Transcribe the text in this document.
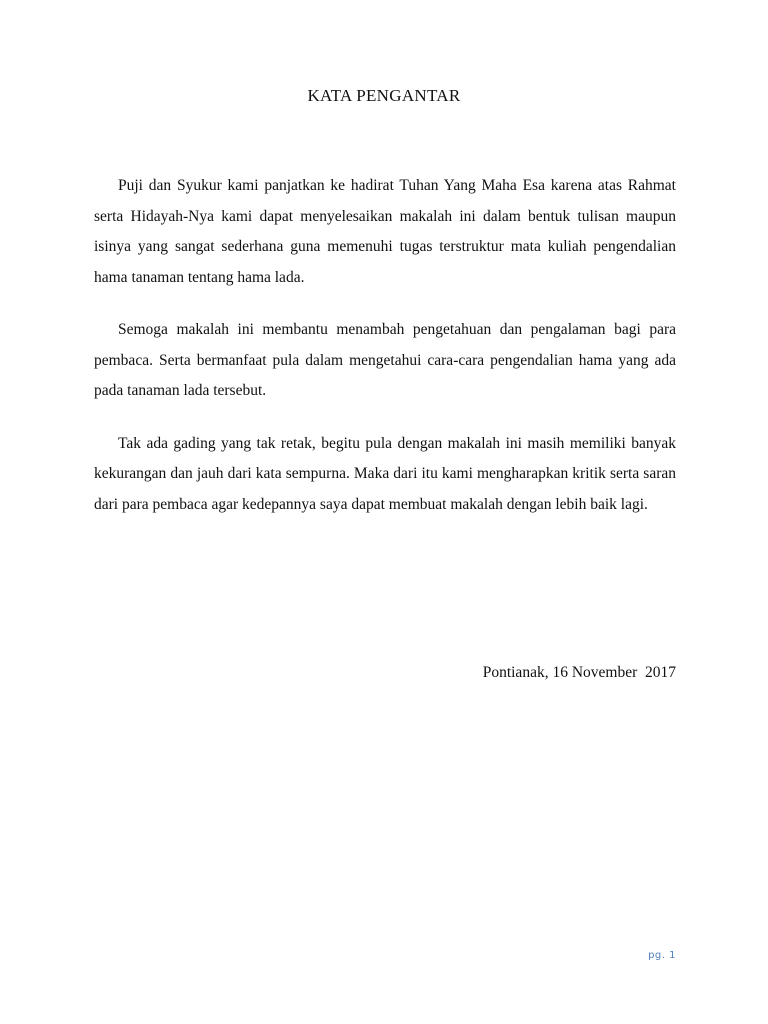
KATA PENGANTAR

Puji dan Syukur kami panjatkan ke hadirat Tuhan Yang Maha Esa karena atas Rahmat serta Hidayah-Nya kami dapat menyelesaikan makalah ini dalam bentuk tulisan maupun isinya yang sangat sederhana guna memenuhi tugas terstruktur mata kuliah pengendalian hama tanaman tentang hama lada.

Semoga makalah ini membantu menambah pengetahuan dan pengalaman bagi para pembaca. Serta bermanfaat pula dalam mengetahui cara-cara pengendalian hama yang ada pada tanaman lada tersebut.

Tak ada gading yang tak retak, begitu pula dengan makalah ini masih memiliki banyak kekurangan dan jauh dari kata sempurna. Maka dari itu kami mengharapkan kritik serta saran dari para pembaca agar kedepannya saya dapat membuat makalah dengan lebih baik lagi.

Pontianak, 16 November  2017
pg. 1
